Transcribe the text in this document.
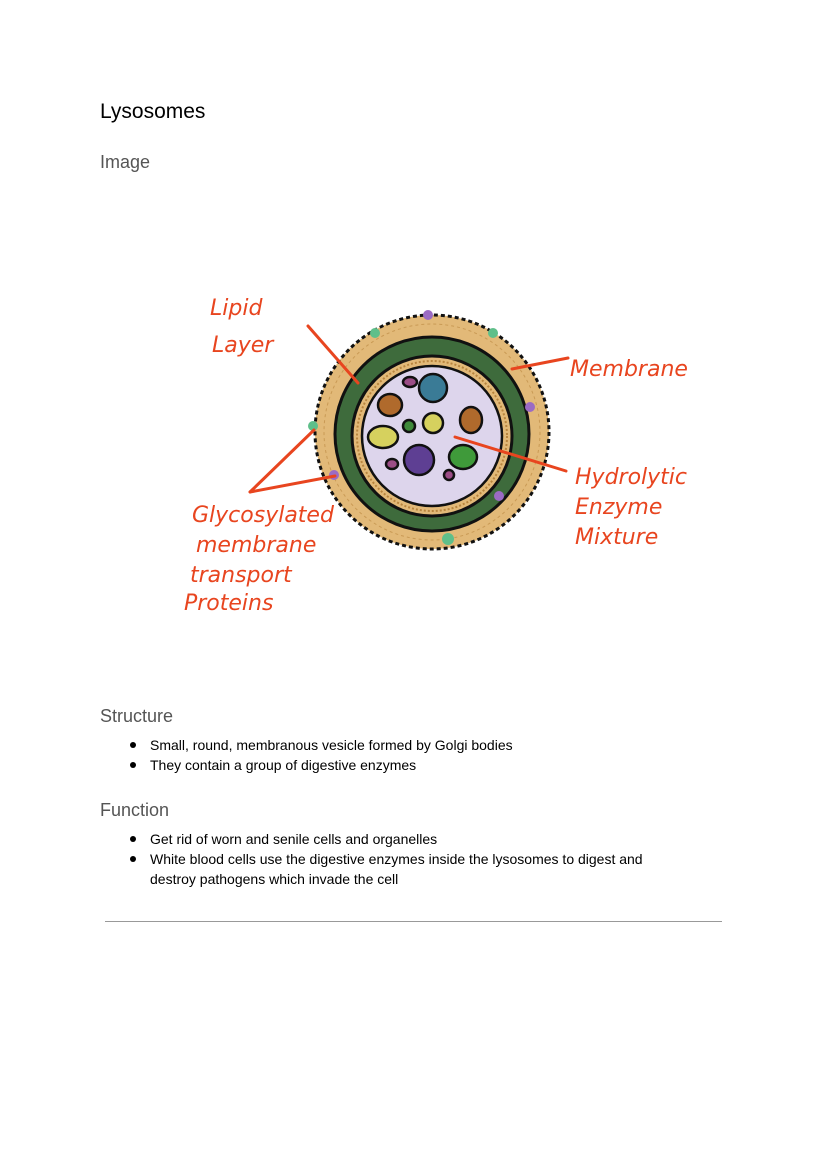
Lysosomes
Image
Lipid
Layer
Membrane
Hydrolytic
Enzyme
Mixture
Glycosylated
membrane
transport
Proteins
Structure
Small, round, membranous vesicle formed by Golgi bodies
They contain a group of digestive enzymes
Function
Get rid of worn and senile cells and organelles
White blood cells use the digestive enzymes inside the lysosomes to digest and destroy pathogens which invade the cell
